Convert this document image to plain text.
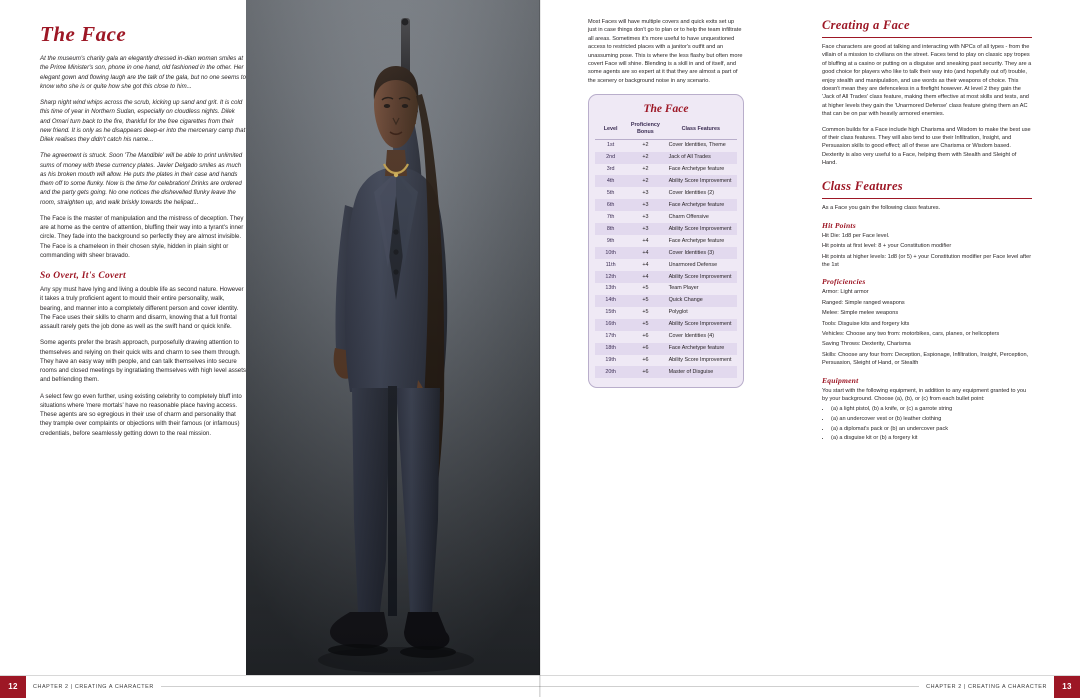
The Face

At the museum's charity gala an elegantly dressed in-dian woman smiles at the Prime Minister's son, phone in one hand, old fashioned in the other. Her elegant gown and flowing laugh are the talk of the gala, but no one seems to know who she is or quite how she got this close to him...

Sharp night wind whips across the scrub, kicking up sand and grit. It is cold this time of year in Northern Sudan, especially on cloudless nights. Dilek and Omari turn back to the fire, thankful for the free cigarettes from their new friend. It is only as he disappears deep-er into the mercenary camp that Dilek realises they didn't catch his name...

The agreement is struck. Soon 'The Mandible' will be able to print unlimited sums of money with these currency plates. Javier Delgado smiles as much as his broken mouth will allow. He puts the plates in their case and hands them off to some flunky. Now is the time for celebration! Drinks are ordered and the party gets going. No one notices the dishevelled flunky leave the room, straighten up, and walk briskly towards the helipad...

The Face is the master of manipulation and the mistress of deception. They are at home as the centre of attention, bluffing their way into a tyrant's inner circle. They fade into the background so perfectly they are almost invisible. The Face is a chameleon in their chosen style, hidden in plain sight or commanding with sheer bravado.

So Overt, It's Covert

Any spy must have lying and living a double life as second nature. However it takes a truly proficient agent to mould their entire personality, walk, bearing, and manner into a completely different person and cover identity. The Face uses their skills to charm and disarm, knowing that a full frontal assault rarely gets the job done as well as the swift hand or quick knife.

Some agents prefer the brash approach, purposefully drawing attention to themselves and relying on their quick wits and charm to see them through. They have an easy way with people, and can talk themselves into secure rooms and closed meetings by ingratiating themselves with high level assets and befriending them.

A select few go even further, using existing celebrity to completely bluff into situations where 'mere mortals' have no reasonable place having access. These agents are so egregious in their use of charm and personality that they trample over complaints or objections with their famous (or infamous) credentials, before seamlessly getting down to the real mission.

12	CHAPTER 2 | CREATING A CHARACTER

Most Faces will have multiple covers and quick exits set up just in case things don't go to plan or to help the team infiltrate all areas. Sometimes it's more useful to have unquestioned access to restricted places with a janitor's outfit and an unassuming pose. This is where the less flashy but often more covert Face will shine. Blending is a skill in and of itself, and some agents are so expert at it that they are almost a part of the scenery or background noise in any scenario.

The Face
Level	Proficiency Bonus	Class Features
1st	+2	Cover Identities, Theme
2nd	+2	Jack of All Trades
3rd	+2	Face Archetype feature
4th	+2	Ability Score Improvement
5th	+3	Cover Identities (2)
6th	+3	Face Archetype feature
7th	+3	Charm Offensive
8th	+3	Ability Score Improvement
9th	+4	Face Archetype feature
10th	+4	Cover Identities (3)
11th	+4	Unarmored Defense
12th	+4	Ability Score Improvement
13th	+5	Team Player
14th	+5	Quick Change
15th	+5	Polyglot
16th	+5	Ability Score Improvement
17th	+6	Cover Identities (4)
18th	+6	Face Archetype feature
19th	+6	Ability Score Improvement
20th	+6	Master of Disguise
Creating a Face

Face characters are good at talking and interacting with NPCs of all types - from the villain of a mission to civilians on the street. Faces tend to play on classic spy tropes of bluffing at a casino or putting on a disguise and sneaking past security. They are a good choice for players who like to talk their way into (and hopefully out of) trouble, enjoy stealth and manipulation, and use words as their weapons of choice. This doesn't mean they are defenceless in a firefight however. At level 2 they gain the 'Jack of All Trades' class feature, making them effective at most skills and tests, and at higher levels they gain the 'Unarmored Defense' class feature giving them an AC that can be on par with heavily armored enemies.

Common builds for a Face include high Charisma and Wisdom to make the best use of their class features. They will also tend to use their Infiltration, Insight, and Persuasion skills to good effect; all of these are Charisma or Wisdom based. Dexterity is also very useful to a Face, helping them with Stealth and Sleight of Hand.

Class Features

As a Face you gain the following class features.

Hit Points

Hit Die: 1d8 per Face level.

Hit points at first level: 8 + your Constitution modifier

Hit points at higher levels: 1d8 (or 5) + your Constitution modifier per Face level after the 1st

Proficiencies

Armor: Light armor

Ranged: Simple ranged weapons

Melee: Simple melee weapons

Tools: Disguise kits and forgery kits

Vehicles: Choose any two from: motorbikes, cars, planes, or helicopters

Saving Throws: Dexterity, Charisma

Skills: Choose any four from: Deception, Espionage, Infiltration, Insight, Perception, Persuasion, Sleight of Hand, or Stealth

Equipment

You start with the following equipment, in addition to any equipment granted to you by your background. Choose (a), (b), or (c) from each bullet point:

• (a) a light pistol, (b) a knife, or (c) a garrote string
• (a) an undercover vest or (b) leather clothing
• (a) a diplomat's pack or (b) an undercover pack
• (a) a disguise kit or (b) a forgery kit
CHAPTER 2 | CREATING A CHARACTER	13
